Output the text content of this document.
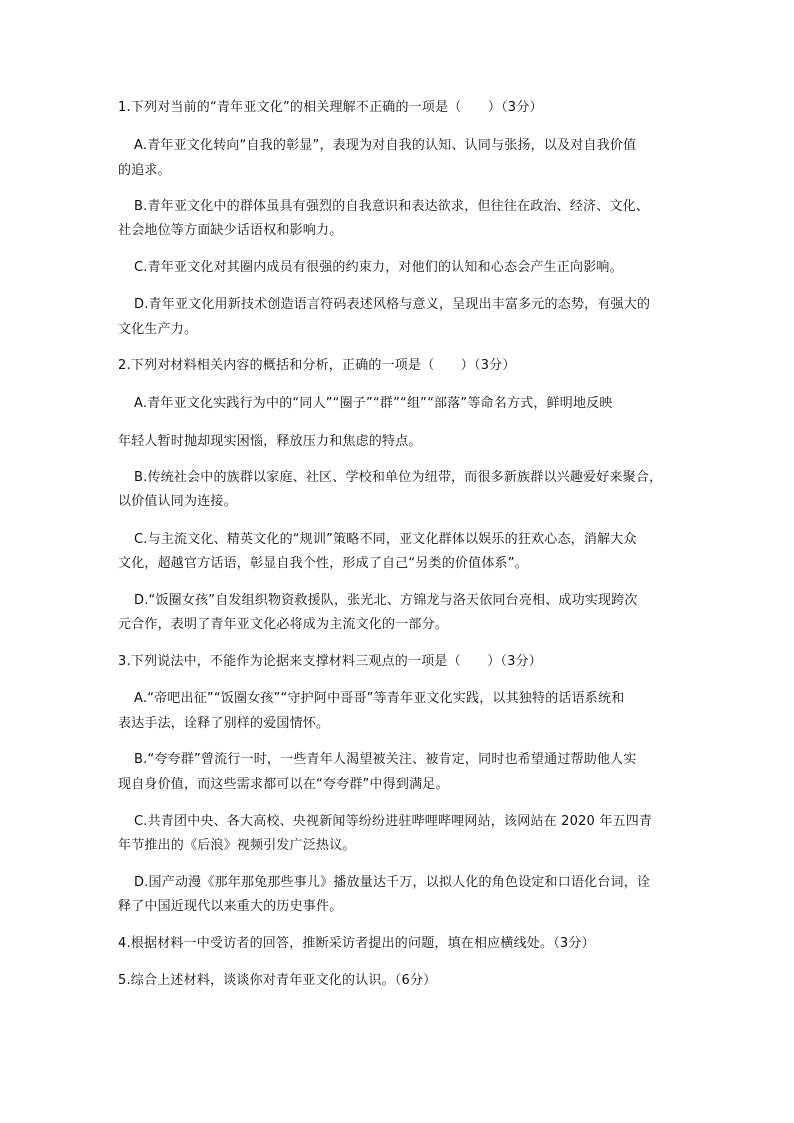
1.下列对当前的“青年亚文化”的相关理解不正确的一项是（　　）（3分）
A.青年亚文化转向“自我的彰显”，表现为对自我的认知、认同与张扬，以及对自我价值
的追求。
B.青年亚文化中的群体虽具有强烈的自我意识和表达欲求，但往往在政治、经济、文化、
社会地位等方面缺少话语权和影响力。
C.青年亚文化对其圈内成员有很强的约束力，对他们的认知和心态会产生正向影响。
D.青年亚文化用新技术创造语言符码表述风格与意义，呈现出丰富多元的态势，有强大的
文化生产力。
2.下列对材料相关内容的概括和分析，正确的一项是（　　）（3分）
A.青年亚文化实践行为中的“同人”“圈子”“群”“组”“部落”等命名方式，鲜明地反映
年轻人暂时抛却现实困惱，释放压力和焦虑的特点。
B.传统社会中的族群以家庭、社区、学校和单位为纽带，而很多新族群以兴趣爱好来聚合，
以价值认同为连接。
C.与主流文化、精英文化的“规训”策略不同，亚文化群体以娱乐的狂欢心态，消解大众
文化，超越官方话语，彰显自我个性，形成了自己“另类的价值体系”。
D.“饭圈女孩”自发组织物资救援队，张光北、方锦龙与洛天依同台亮相、成功实现跨次
元合作，表明了青年亚文化必将成为主流文化的一部分。
3.下列说法中，不能作为论据来支撑材料三观点的一项是（　　）（3分）
A.“帝吧出征”“饭圈女孩”“守护阿中哥哥”等青年亚文化实践，以其独特的话语系统和
表达手法，诠释了别样的爱国情怀。
B.“夸夸群”曾流行一时，一些青年人渴望被关注、被肯定，同时也希望通过帮助他人实
现自身价值，而这些需求都可以在“夸夸群”中得到满足。
C.共青团中央、各大高校、央视新闻等纷纷进驻哔哩哔哩网站，该网站在 2020 年五四青
年节推出的《后浪》视频引发广泛热议。
D.国产动漫《那年那兔那些事儿》播放量达千万，以拟人化的角色设定和口语化台词，诠
释了中国近现代以来重大的历史事件。
4.根据材料一中受访者的回答，推断采访者提出的问题，填在相应横线处。（3分）
5.综合上述材料，谈谈你对青年亚文化的认识。（6分）
